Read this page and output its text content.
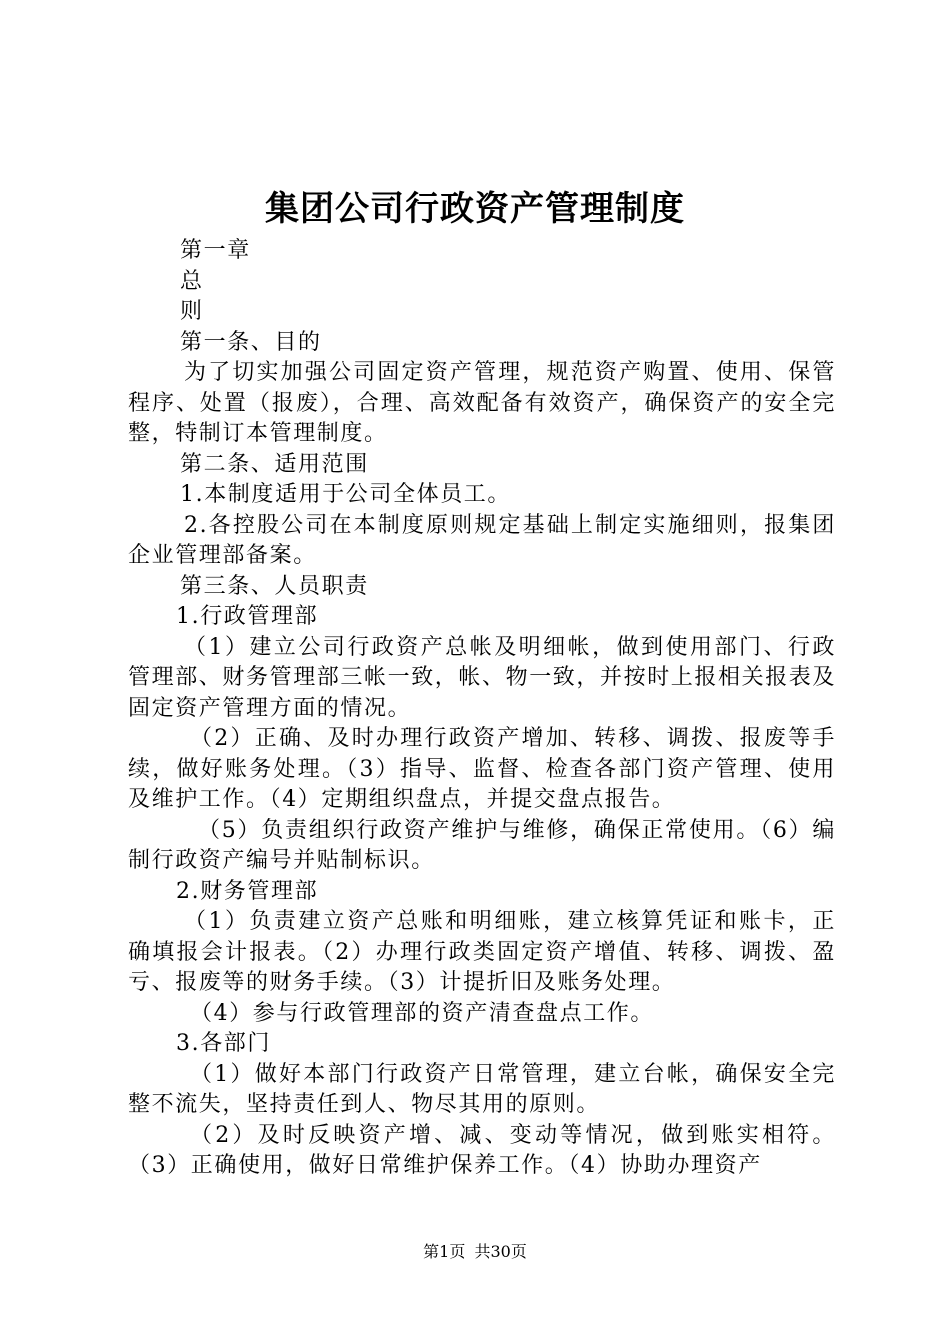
集团公司行政资产管理制度

第一章

总

则

第一条、目的

为了切实加强公司固定资产管理，规范资产购置、使用、保管程序、处置（报废），合理、高效配备有效资产，确保资产的安全完整，特制订本管理制度。

第二条、适用范围

1.本制度适用于公司全体员工。

2.各控股公司在本制度原则规定基础上制定实施细则，报集团企业管理部备案。

第三条、人员职责

1.行政管理部

（1）建立公司行政资产总帐及明细帐，做到使用部门、行政管理部、财务管理部三帐一致，帐、物一致，并按时上报相关报表及固定资产管理方面的情况。

（2）正确、及时办理行政资产增加、转移、调拨、报废等手续，做好账务处理。（3）指导、监督、检查各部门资产管理、使用及维护工作。（4）定期组织盘点，并提交盘点报告。

（5）负责组织行政资产维护与维修，确保正常使用。（6）编制行政资产编号并贴制标识。

2.财务管理部

（1）负责建立资产总账和明细账，建立核算凭证和账卡，正确填报会计报表。（2）办理行政类固定资产增值、转移、调拨、盈亏、报废等的财务手续。（3）计提折旧及账务处理。

（4）参与行政管理部的资产清查盘点工作。

3.各部门

（1）做好本部门行政资产日常管理，建立台帐，确保安全完整不流失，坚持责任到人、物尽其用的原则。

（2）及时反映资产增、减、变动等情况，做到账实相符。（3）正确使用，做好日常维护保养工作。（4）协助办理资产

第1页 共30页
